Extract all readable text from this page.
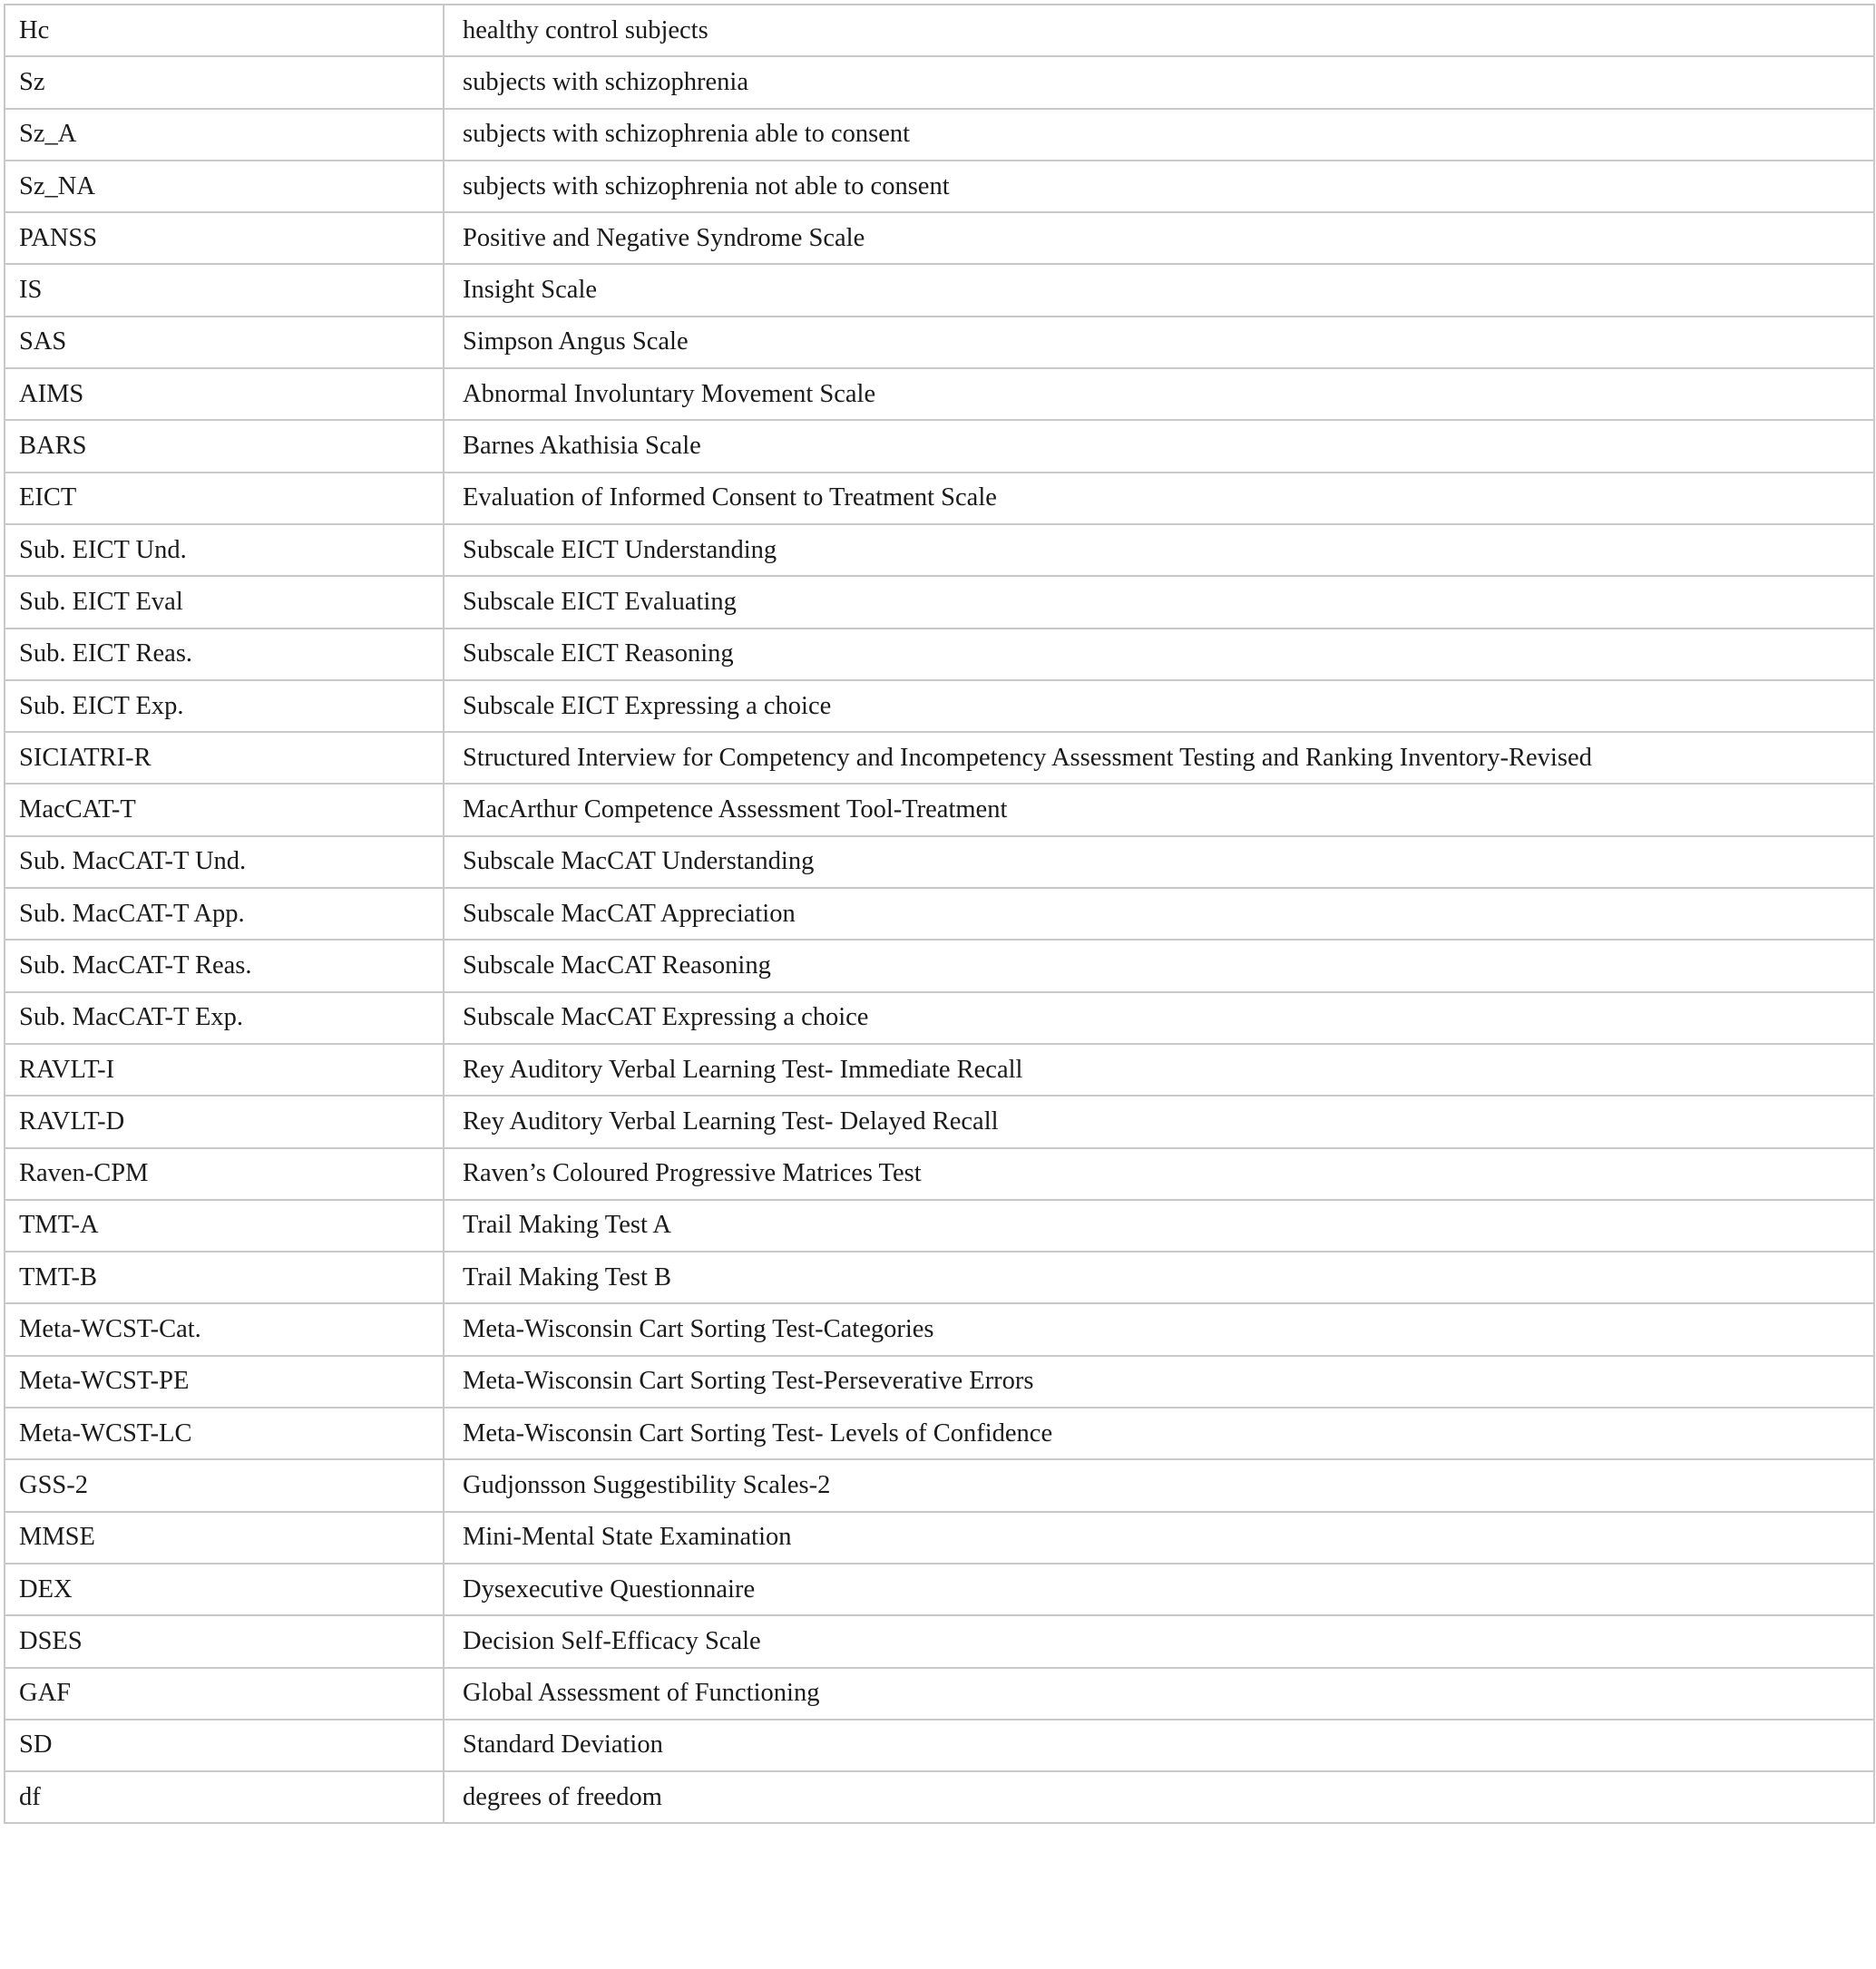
Hc	healthy control subjects
Sz	subjects with schizophrenia
Sz_A	subjects with schizophrenia able to consent
Sz_NA	subjects with schizophrenia not able to consent
PANSS	Positive and Negative Syndrome Scale
IS	Insight Scale
SAS	Simpson Angus Scale
AIMS	Abnormal Involuntary Movement Scale
BARS	Barnes Akathisia Scale
EICT	Evaluation of Informed Consent to Treatment Scale
Sub. EICT Und.	Subscale EICT Understanding
Sub. EICT Eval	Subscale EICT Evaluating
Sub. EICT Reas.	Subscale EICT Reasoning
Sub. EICT Exp.	Subscale EICT Expressing a choice
SICIATRI-R	Structured Interview for Competency and Incompetency Assessment Testing and Ranking Inventory-Revised
MacCAT-T	MacArthur Competence Assessment Tool-Treatment
Sub. MacCAT-T Und.	Subscale MacCAT Understanding
Sub. MacCAT-T App.	Subscale MacCAT Appreciation
Sub. MacCAT-T Reas.	Subscale MacCAT Reasoning
Sub. MacCAT-T Exp.	Subscale MacCAT Expressing a choice
RAVLT-I	Rey Auditory Verbal Learning Test- Immediate Recall
RAVLT-D	Rey Auditory Verbal Learning Test- Delayed Recall
Raven-CPM	Raven’s Coloured Progressive Matrices Test
TMT-A	Trail Making Test A
TMT-B	Trail Making Test B
Meta-WCST-Cat.	Meta-Wisconsin Cart Sorting Test-Categories
Meta-WCST-PE	Meta-Wisconsin Cart Sorting Test-Perseverative Errors
Meta-WCST-LC	Meta-Wisconsin Cart Sorting Test- Levels of Confidence
GSS-2	Gudjonsson Suggestibility Scales-2
MMSE	Mini-Mental State Examination
DEX	Dysexecutive Questionnaire
DSES	Decision Self-Efficacy Scale
GAF	Global Assessment of Functioning
SD	Standard Deviation
df	degrees of freedom
